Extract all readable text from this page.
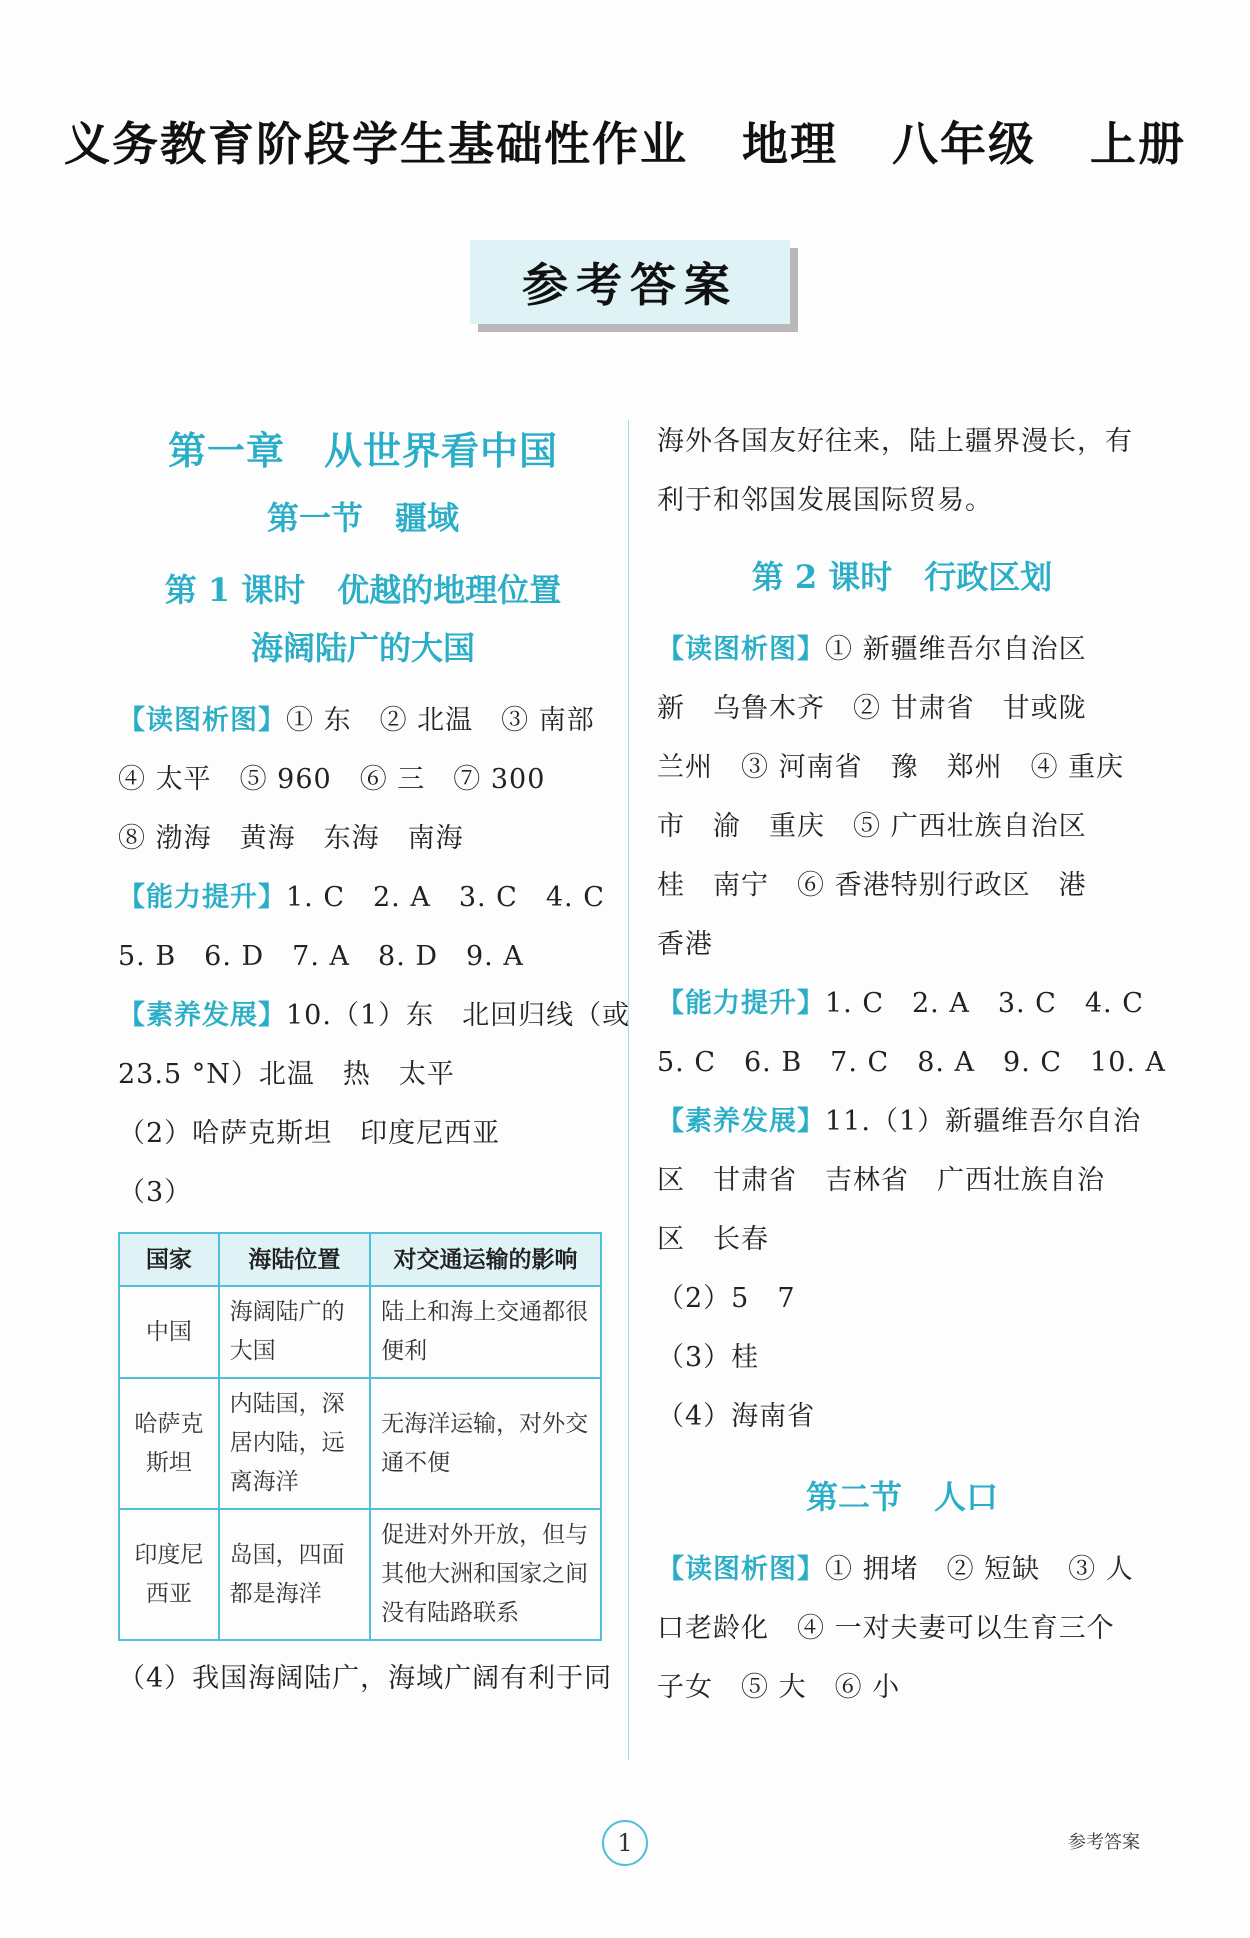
义务教育阶段学生基础性作业 地理 八年级 上册
参考答案
第一章　从世界看中国
第一节　疆域
第 1 课时　优越的地理位置
海阔陆广的大国
【读图析图】① 东　② 北温　③ 南部
④ 太平　⑤ 960　⑥ 三　⑦ 300
⑧ 渤海　黄海　东海　南海
【能力提升】1. C　2. A　3. C　4. C
5. B　6. D　7. A　8. D　9. A
【素养发展】10.（1）东　北回归线（或
23.5 °N）北温　热　太平
（2）哈萨克斯坦　印度尼西亚
（3）
国家	海陆位置	对交通运输的影响
中国	海阔陆广的大国	陆上和海上交通都很便利
哈萨克斯坦	内陆国，深居内陆，远离海洋	无海洋运输，对外交通不便
印度尼西亚	岛国，四面都是海洋	促进对外开放，但与其他大洲和国家之间没有陆路联系
（4）我国海阔陆广，海域广阔有利于同
海外各国友好往来，陆上疆界漫长，有
利于和邻国发展国际贸易。
第 2 课时　行政区划
【读图析图】① 新疆维吾尔自治区
新　乌鲁木齐　② 甘肃省　甘或陇
兰州　③ 河南省　豫　郑州　④ 重庆
市　渝　重庆　⑤ 广西壮族自治区
桂　南宁　⑥ 香港特别行政区　港
香港
【能力提升】1. C　2. A　3. C　4. C
5. C　6. B　7. C　8. A　9. C　10. A
【素养发展】11.（1）新疆维吾尔自治
区　甘肃省　吉林省　广西壮族自治
区　长春
（2）5　7
（3）桂
（4）海南省
第二节　人口
【读图析图】① 拥堵　② 短缺　③ 人
口老龄化　④ 一对夫妻可以生育三个
子女　⑤ 大　⑥ 小
1	参考答案
